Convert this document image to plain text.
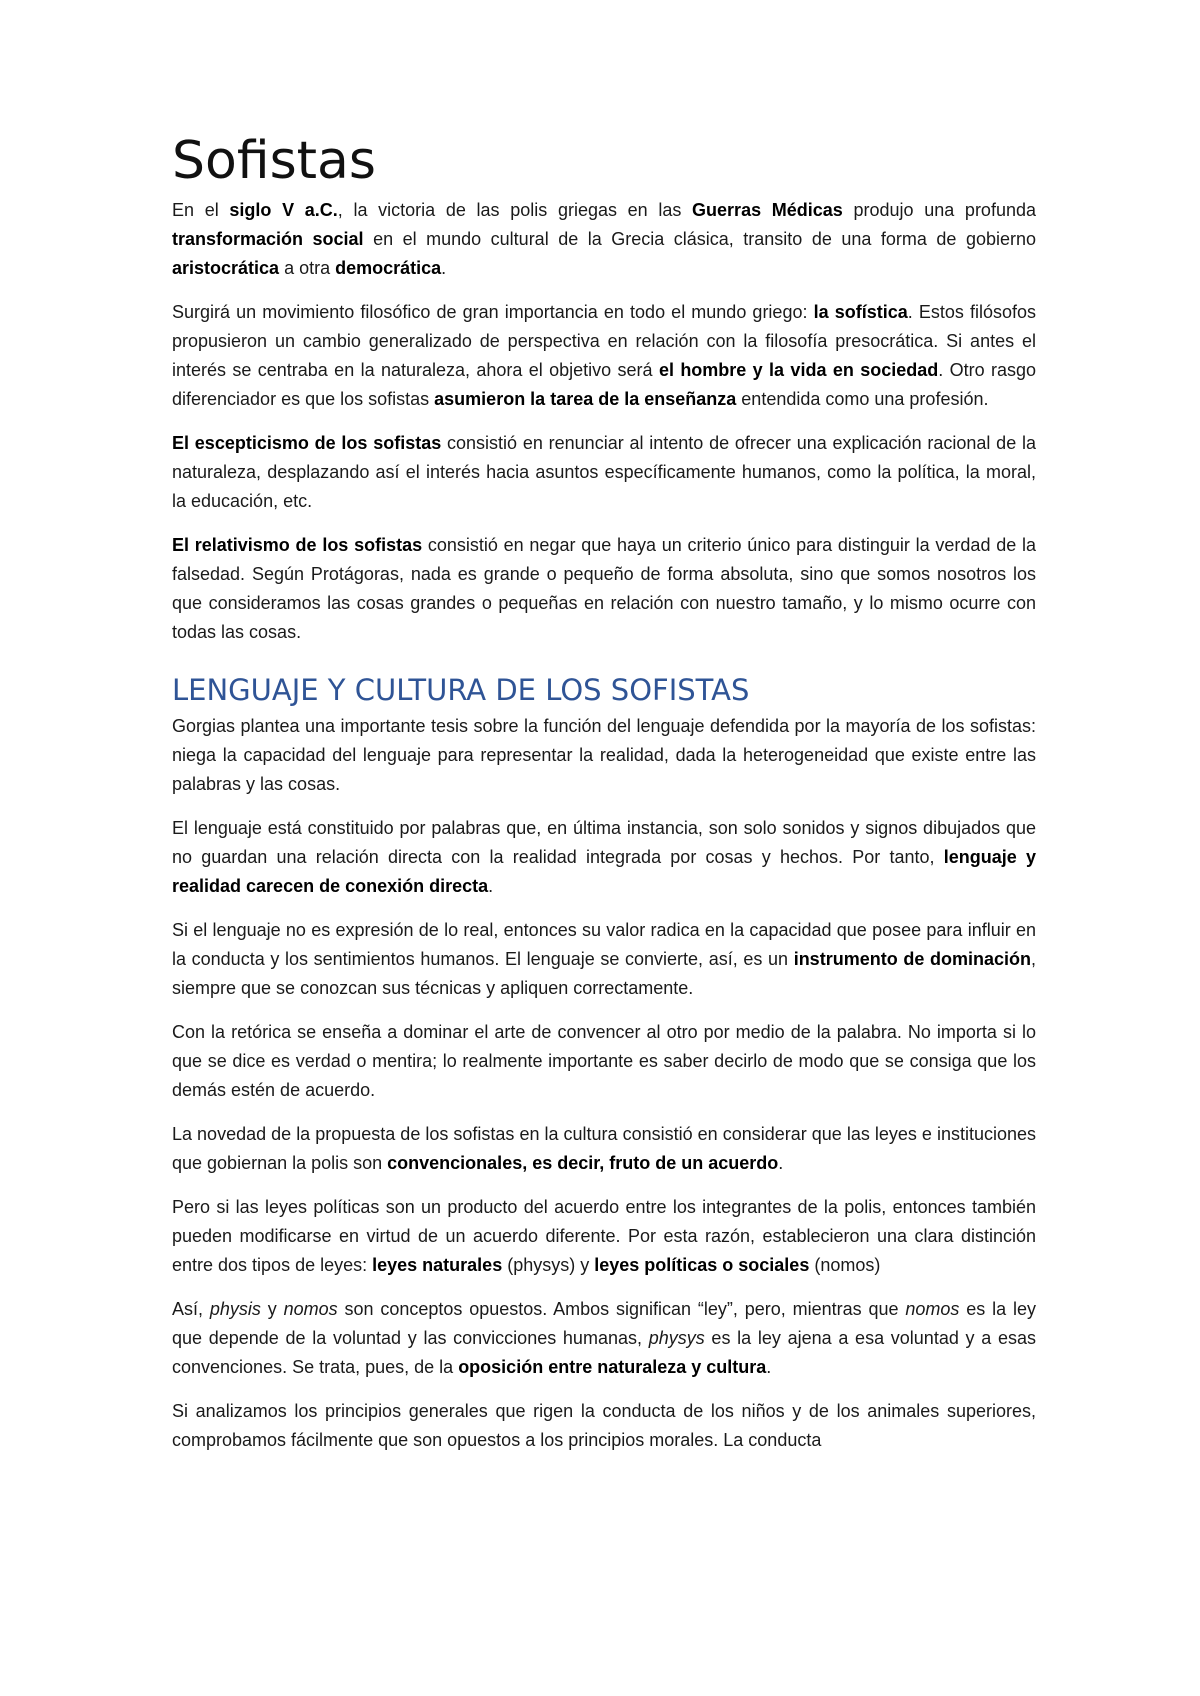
Sofistas

En el siglo V a.C., la victoria de las polis griegas en las Guerras Médicas produjo una profunda transformación social en el mundo cultural de la Grecia clásica, transito de una forma de gobierno aristocrática a otra democrática.

Surgirá un movimiento filosófico de gran importancia en todo el mundo griego: la sofística. Estos filósofos propusieron un cambio generalizado de perspectiva en relación con la filosofía presocrática. Si antes el interés se centraba en la naturaleza, ahora el objetivo será el hombre y la vida en sociedad. Otro rasgo diferenciador es que los sofistas asumieron la tarea de la enseñanza entendida como una profesión.

El escepticismo de los sofistas consistió en renunciar al intento de ofrecer una explicación racional de la naturaleza, desplazando así el interés hacia asuntos específicamente humanos, como la política, la moral, la educación, etc.

El relativismo de los sofistas consistió en negar que haya un criterio único para distinguir la verdad de la falsedad. Según Protágoras, nada es grande o pequeño de forma absoluta, sino que somos nosotros los que consideramos las cosas grandes o pequeñas en relación con nuestro tamaño, y lo mismo ocurre con todas las cosas.

LENGUAJE Y CULTURA DE LOS SOFISTAS

Gorgias plantea una importante tesis sobre la función del lenguaje defendida por la mayoría de los sofistas: niega la capacidad del lenguaje para representar la realidad, dada la heterogeneidad que existe entre las palabras y las cosas.

El lenguaje está constituido por palabras que, en última instancia, son solo sonidos y signos dibujados que no guardan una relación directa con la realidad integrada por cosas y hechos. Por tanto, lenguaje y realidad carecen de conexión directa.

Si el lenguaje no es expresión de lo real, entonces su valor radica en la capacidad que posee para influir en la conducta y los sentimientos humanos. El lenguaje se convierte, así, es un instrumento de dominación, siempre que se conozcan sus técnicas y apliquen correctamente.

Con la retórica se enseña a dominar el arte de convencer al otro por medio de la palabra. No importa si lo que se dice es verdad o mentira; lo realmente importante es saber decirlo de modo que se consiga que los demás estén de acuerdo.

La novedad de la propuesta de los sofistas en la cultura consistió en considerar que las leyes e instituciones que gobiernan la polis son convencionales, es decir, fruto de un acuerdo.

Pero si las leyes políticas son un producto del acuerdo entre los integrantes de la polis, entonces también pueden modificarse en virtud de un acuerdo diferente. Por esta razón, establecieron una clara distinción entre dos tipos de leyes: leyes naturales (physys) y leyes políticas o sociales (nomos)

Así, physis y nomos son conceptos opuestos. Ambos significan “ley”, pero, mientras que nomos es la ley que depende de la voluntad y las convicciones humanas, physys es la ley ajena a esa voluntad y a esas convenciones. Se trata, pues, de la oposición entre naturaleza y cultura.

Si analizamos los principios generales que rigen la conducta de los niños y de los animales superiores, comprobamos fácilmente que son opuestos a los principios morales. La conducta
